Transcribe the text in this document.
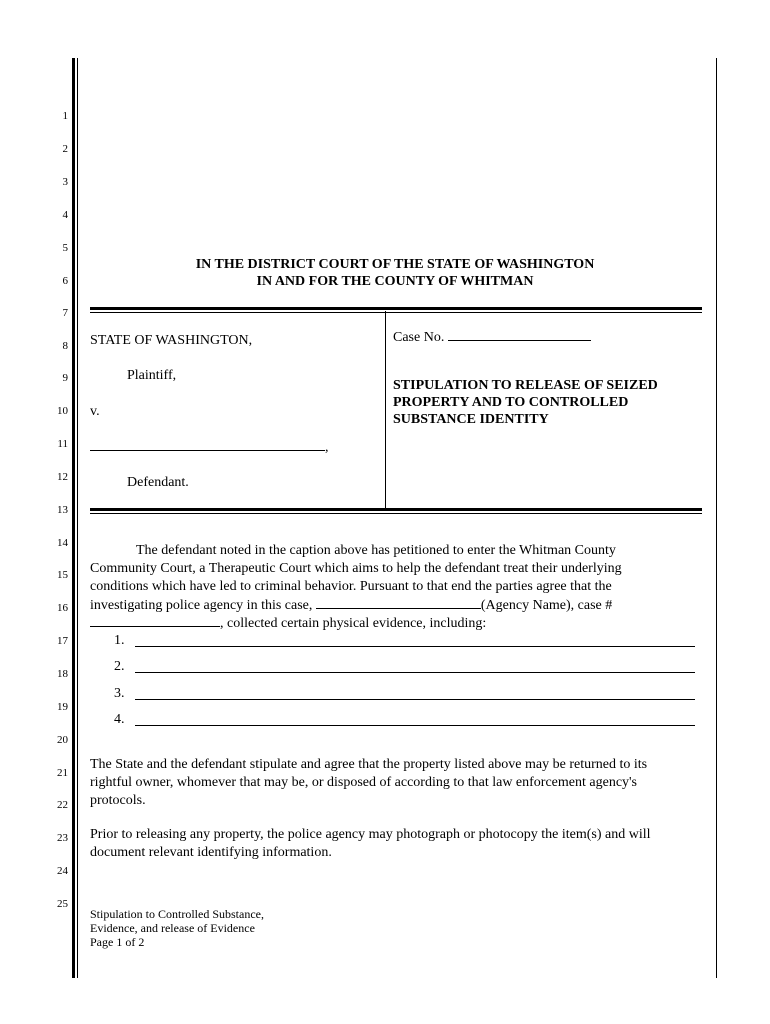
1
2
3
4
5
6
7
8
9
10
11
12
13
14
15
16
17
18
19
20
21
22
23
24
25
IN THE DISTRICT COURT OF THE STATE OF WASHINGTON
IN AND FOR THE COUNTY OF WHITMAN
STATE OF WASHINGTON,
Plaintiff,
v.
,
Defendant.
Case No.
STIPULATION TO RELEASE OF SEIZED
PROPERTY AND TO CONTROLLED
SUBSTANCE IDENTITY
The defendant noted in the caption above has petitioned to enter the Whitman County
Community Court, a Therapeutic Court which aims to help the defendant treat their underlying
conditions which have led to criminal behavior. Pursuant to that end the parties agree that the
investigating police agency in this case,	(Agency Name), case #
, collected certain physical evidence, including:
1.
2.
3.
4.
The State and the defendant stipulate and agree that the property listed above may be returned to its
rightful owner, whomever that may be, or disposed of according to that law enforcement agency's
protocols.
Prior to releasing any property, the police agency may photograph or photocopy the item(s) and will
document relevant identifying information.
Stipulation to Controlled Substance,
Evidence, and release of Evidence
Page 1 of 2
